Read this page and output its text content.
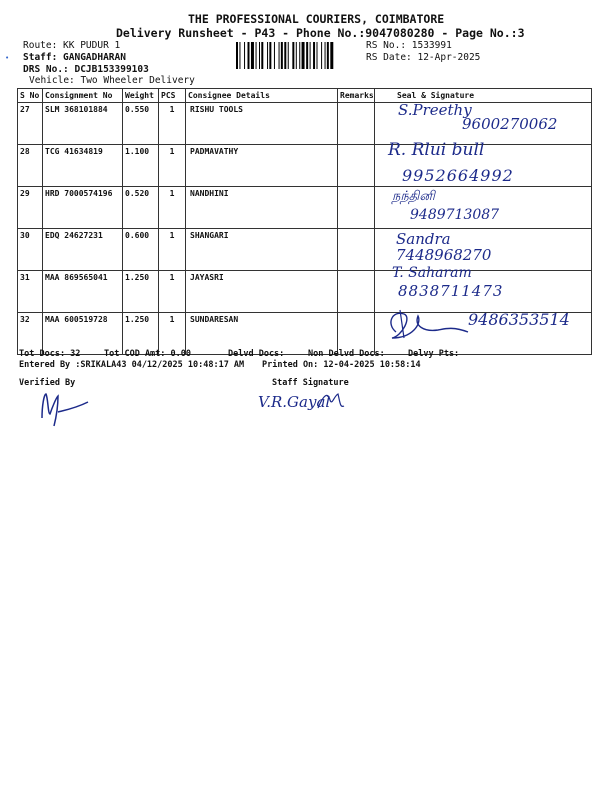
THE PROFESSIONAL COURIERS, COIMBATORE
Delivery Runsheet - P43 - Phone No.:9047080280 - Page No.:3
Route: KK PUDUR 1
Staff: GANGADHARAN
DRS No.: DCJB153399103
Vehicle: Two Wheeler Delivery
•
RS No.: 1533991
RS Date: 12-Apr-2025
S No	Consignment No	Weight	PCS	Consignee Details	Remarks	Seal & Signature
27	SLM 368101884	0.550	1	RISHU TOOLS		
28	TCG 41634819	1.100	1	PADMAVATHY		
29	HRD 7000574196	0.520	1	NANDHINI		
30	EDQ 24627231	0.600	1	SHANGARI		
31	MAA 869565041	1.250	1	JAYASRI		
32	MAA 600519728	1.250	1	SUNDARESAN		
S.Preethy
9600270062
R. Rlui bull
9952664992
நந்தினி
9489713087
Sandra
7448968270
T. Saharam
8838711473
9486353514
Tot Docs: 32	Tot COD Amt: 0.00	Delvd Docs:	Non Delvd Docs:	Delvy Pts:
Entered By :SRIKALA43 04/12/2025 10:48:17 AM Printed On: 12-04-2025 10:58:14
Verified By	Staff Signature
V.R.Gayal
